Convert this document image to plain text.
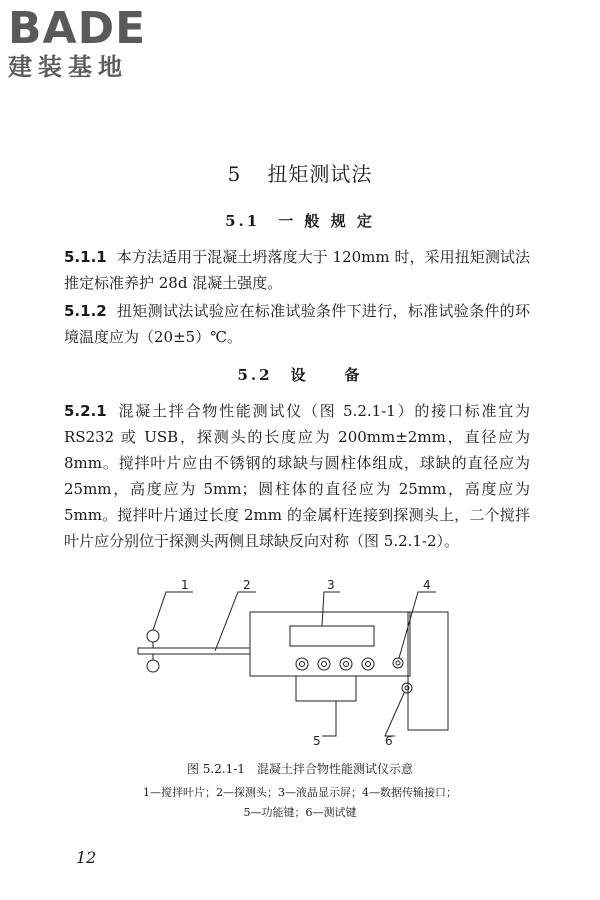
BADE
建装基地
5 扭矩测试法
5.1　一 般 规 定

5.1.1 本方法适用于混凝土坍落度大于 120mm 时，采用扭矩测试法推定标准养护 28d 混凝土强度。

5.1.2 扭矩测试法试验应在标准试验条件下进行，标准试验条件的环境温度应为（20±5）℃。

5.2　设　　备

5.2.1 混凝土拌合物性能测试仪（图 5.2.1-1）的接口标准宜为 RS232 或 USB，探测头的长度应为 200mm±2mm，直径应为 8mm。搅拌叶片应由不锈钢的球缺与圆柱体组成，球缺的直径应为 25mm，高度应为 5mm；圆柱体的直径应为 25mm，高度应为 5mm。搅拌叶片通过长度 2mm 的金属杆连接到探测头上，二个搅拌叶片应分别位于探测头两侧且球缺反向对称（图 5.2.1-2）。

1	2	3	4
5	6
图 5.2.1-1　混凝土拌合物性能测试仪示意
1—搅拌叶片；2—探测头；3—液晶显示屏；4—数据传输接口；
5—功能键；6—测试键
12
